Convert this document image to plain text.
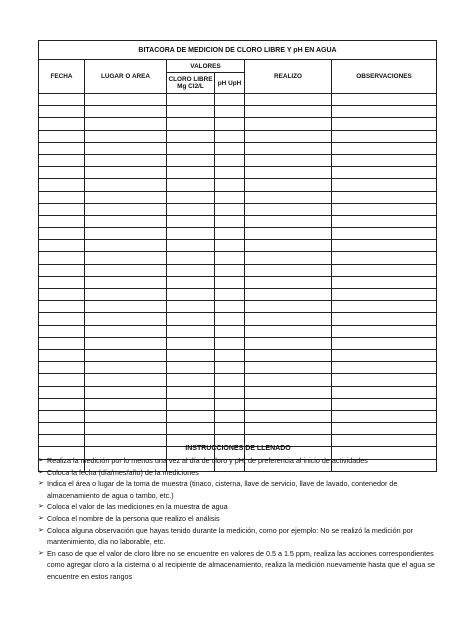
BITACORA DE MEDICION DE CLORO LIBRE Y pH EN AGUA					
FECHA	LUGAR O AREA	VALORES		REALIZO	OBSERVACIONES
		CLORO LIBRE
Mg Cl2/L	pH UpH		

INSTRUCCIONES DE LLENADO
➢ Realiza la medición por lo menos una vez al día de cloro y pH, de preferencia al inicio de actividades
➢ Coloca la fecha (día/mes/año) de la mediciones
➢ Indica el área o lugar de la toma de muestra (tinaco, cisterna, llave de servicio, llave de lavado, contenedor de almacenamiento de agua o tambo, etc.)
➢ Coloca el valor de las mediciones en la muestra de agua
➢ Coloca el nombre de la persona que realizo el análisis
➢ Coloca alguna observación que hayas tenido durante la medición, como por ejemplo: No se realizó la medición por mantenimiento, día no laborable, etc.
➢ En caso de que el valor de cloro libre no se encuentre en valores de 0.5 a 1.5 ppm, realiza las acciones correspondientes como agregar cloro a la cisterna o al recipiente de almacenamiento, realiza la medición nuevamente hasta que el agua se encuentre en estos rangos
